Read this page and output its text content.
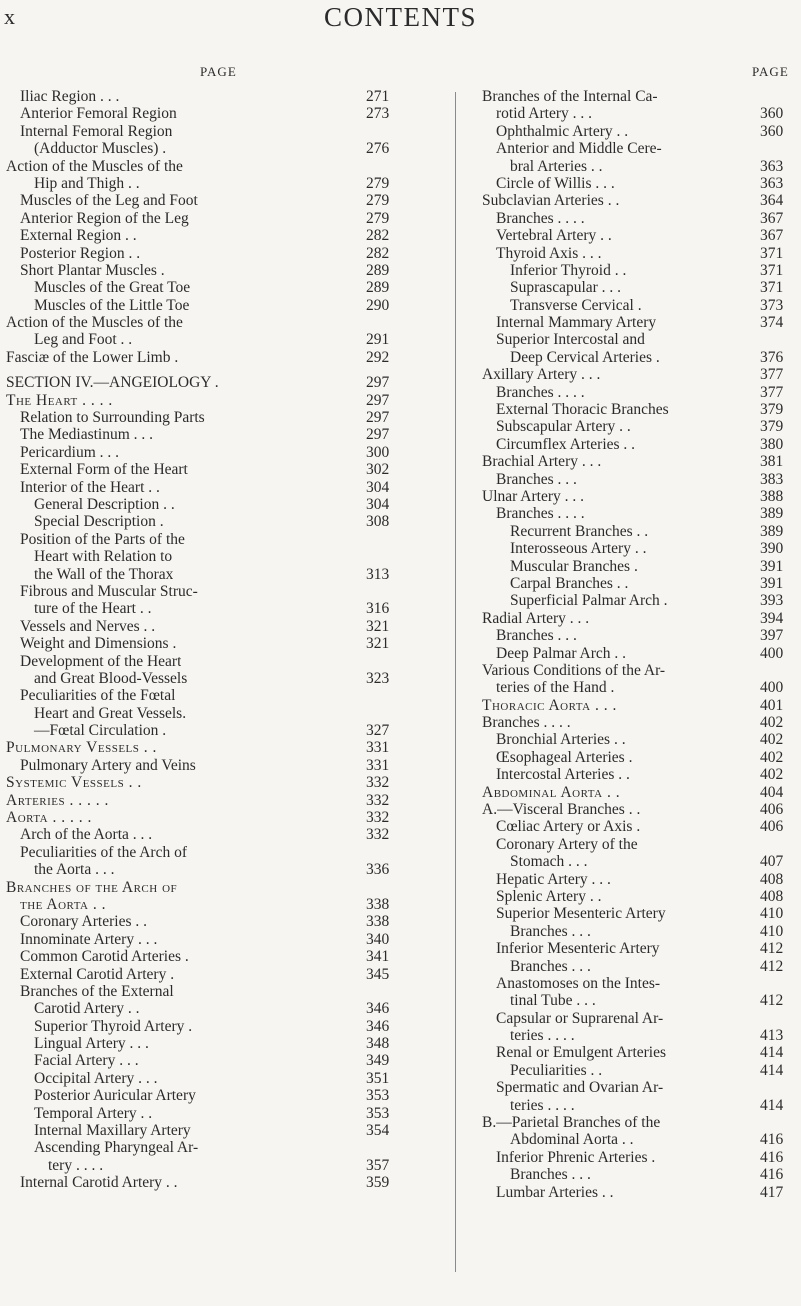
x	CONTENTS
PAGE	PAGE
Iliac Region . . .	271
Anterior Femoral Region	273
Internal Femoral Region
(Adductor Muscles) .	276
Action of the Muscles of the
Hip and Thigh . .	279
Muscles of the Leg and Foot	279
Anterior Region of the Leg	279
External Region . .	282
Posterior Region . .	282
Short Plantar Muscles .	289
Muscles of the Great Toe	289
Muscles of the Little Toe	290
Action of the Muscles of the
Leg and Foot . .	291
Fasciæ of the Lower Limb .	292
SECTION IV.—ANGEIOLOGY .	297
The Heart . . . .	297
Relation to Surrounding Parts	297
The Mediastinum . . .	297
Pericardium . . .	300
External Form of the Heart	302
Interior of the Heart . .	304
General Description . .	304
Special Description .	308
Position of the Parts of the
Heart with Relation to
the Wall of the Thorax	313
Fibrous and Muscular Struc-
ture of the Heart . .	316
Vessels and Nerves . .	321
Weight and Dimensions .	321
Development of the Heart
and Great Blood-Vessels	323
Peculiarities of the Fœtal
Heart and Great Vessels.
—Fœtal Circulation .	327
Pulmonary Vessels . .	331
Pulmonary Artery and Veins	331
Systemic Vessels . .	332
Arteries . . . . .	332
Aorta . . . . .	332
Arch of the Aorta . . .	332
Peculiarities of the Arch of
the Aorta . . .	336
Branches of the Arch of
the Aorta . .	338
Coronary Arteries . .	338
Innominate Artery . . .	340
Common Carotid Arteries .	341
External Carotid Artery .	345
Branches of the External
Carotid Artery . .	346
Superior Thyroid Artery .	346
Lingual Artery . . .	348
Facial Artery . . .	349
Occipital Artery . . .	351
Posterior Auricular Artery	353
Temporal Artery . .	353
Internal Maxillary Artery	354
Ascending Pharyngeal Ar-
tery . . . .	357
Internal Carotid Artery . .	359
Branches of the Internal Ca-
rotid Artery . . .	360
Ophthalmic Artery . .	360
Anterior and Middle Cere-
bral Arteries . .	363
Circle of Willis . . .	363
Subclavian Arteries . .	364
Branches . . . .	367
Vertebral Artery . .	367
Thyroid Axis . . .	371
Inferior Thyroid . .	371
Suprascapular . . .	371
Transverse Cervical .	373
Internal Mammary Artery	374
Superior Intercostal and
Deep Cervical Arteries .	376
Axillary Artery . . .	377
Branches . . . .	377
External Thoracic Branches	379
Subscapular Artery . .	379
Circumflex Arteries . .	380
Brachial Artery . . .	381
Branches . . .	383
Ulnar Artery . . .	388
Branches . . . .	389
Recurrent Branches . .	389
Interosseous Artery . .	390
Muscular Branches .	391
Carpal Branches . .	391
Superficial Palmar Arch .	393
Radial Artery . . .	394
Branches . . .	397
Deep Palmar Arch . .	400
Various Conditions of the Ar-
teries of the Hand .	400
Thoracic Aorta . . .	401
Branches . . . .	402
Bronchial Arteries . .	402
Œsophageal Arteries .	402
Intercostal Arteries . .	402
Abdominal Aorta . .	404
A.—Visceral Branches . .	406
Cœliac Artery or Axis .	406
Coronary Artery of the
Stomach . . .	407
Hepatic Artery . . .	408
Splenic Artery . .	408
Superior Mesenteric Artery	410
Branches . . .	410
Inferior Mesenteric Artery	412
Branches . . .	412
Anastomoses on the Intes-
tinal Tube . . .	412
Capsular or Suprarenal Ar-
teries . . . .	413
Renal or Emulgent Arteries	414
Peculiarities . .	414
Spermatic and Ovarian Ar-
teries . . . .	414
B.—Parietal Branches of the
Abdominal Aorta . .	416
Inferior Phrenic Arteries .	416
Branches . . .	416
Lumbar Arteries . .	417
